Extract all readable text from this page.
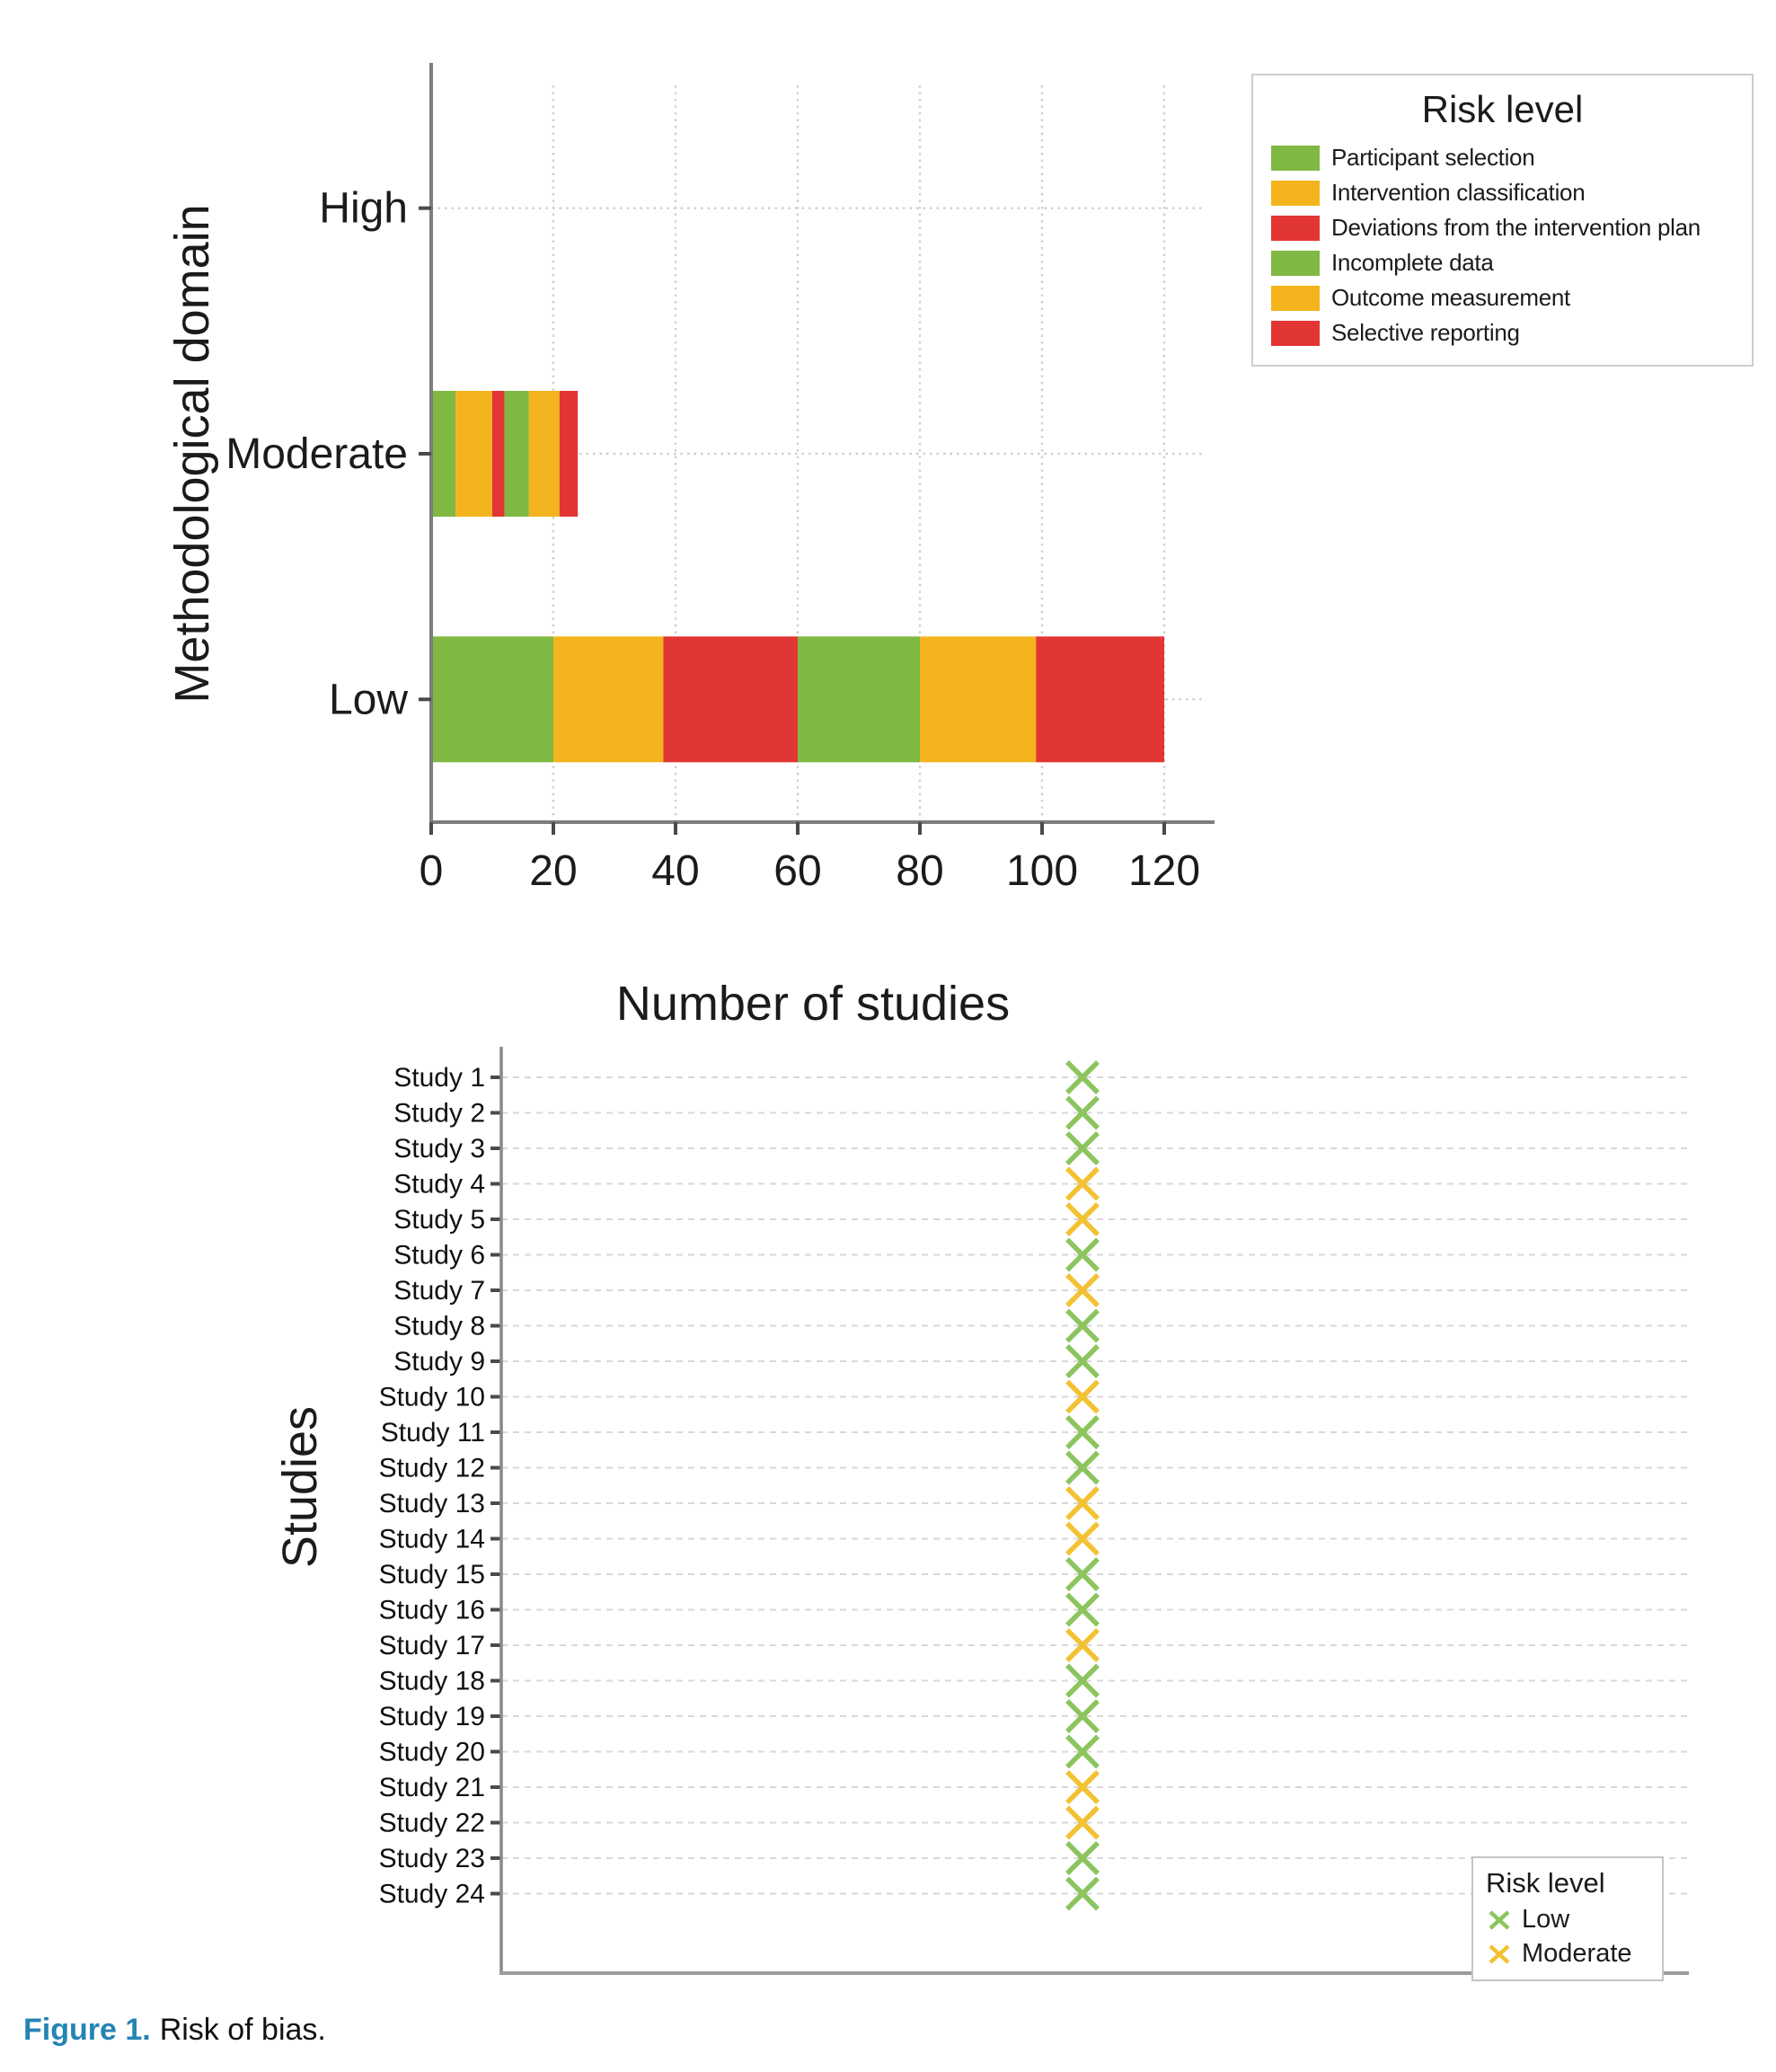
High
Moderate
Low
0 20 40 60 80 100 120
Number of studies
Methodological domain
Risk level
Participant selection
Intervention classification
Deviations from the intervention plan
Incomplete data
Outcome measurement
Selective reporting
Study 1
Study 2
Study 3
Study 4
Study 5
Study 6
Study 7
Study 8
Study 9
Study 10
Study 11
Study 12
Study 13
Study 14
Study 15
Study 16
Study 17
Study 18
Study 19
Study 20
Study 21
Study 22
Study 23
Study 24
Studies
Risk level
Low
Moderate
Figure 1. Risk of bias.
